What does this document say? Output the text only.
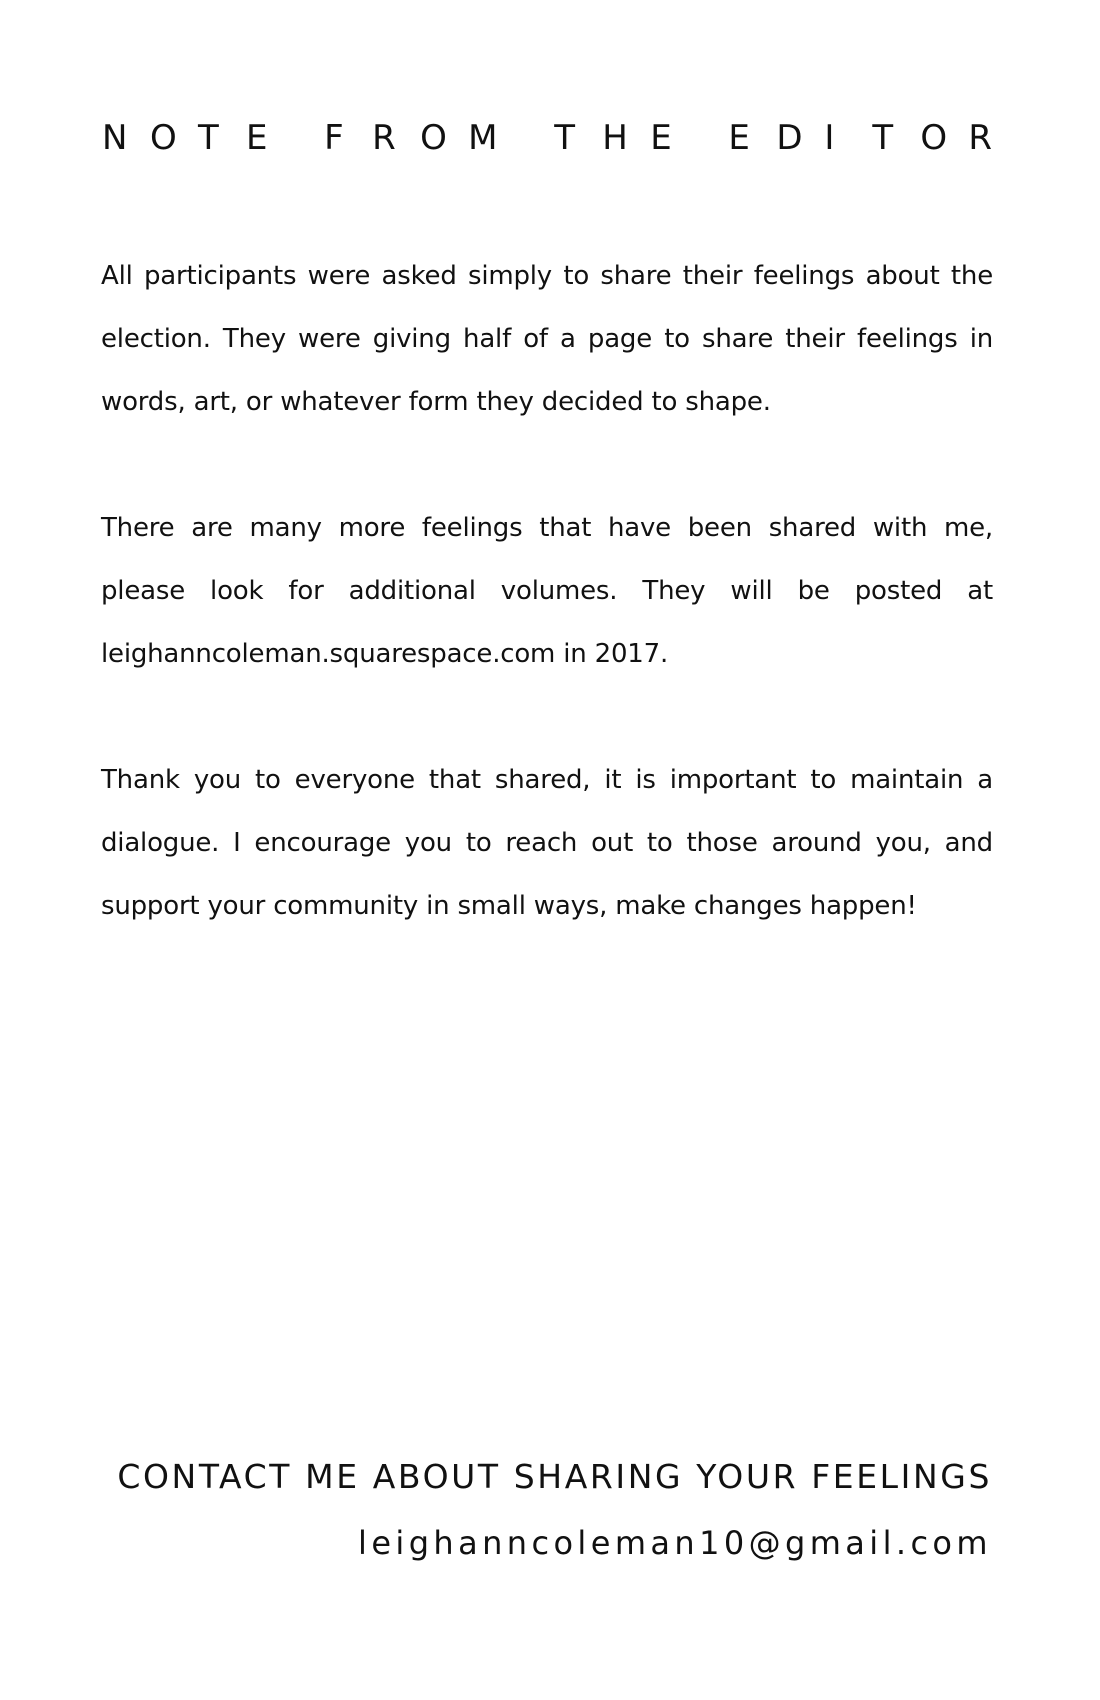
N O T E F R O M T H E E D I	T O R

All participants were asked simply to share their feelings about the election. They were giving half of a page to share their feelings in words, art, or whatever form they decided to shape.

There are many more feelings that have been shared with me, please look for additional volumes. They will be posted at leighanncoleman.squarespace.com in 2017.

Thank you to everyone that shared, it is important to maintain a dialogue. I encourage you to reach out to those around you, and support your community in small ways, make changes happen!

CONTACT ME ABOUT SHARING YOUR FEELINGS

leighanncoleman10@gmail.com
